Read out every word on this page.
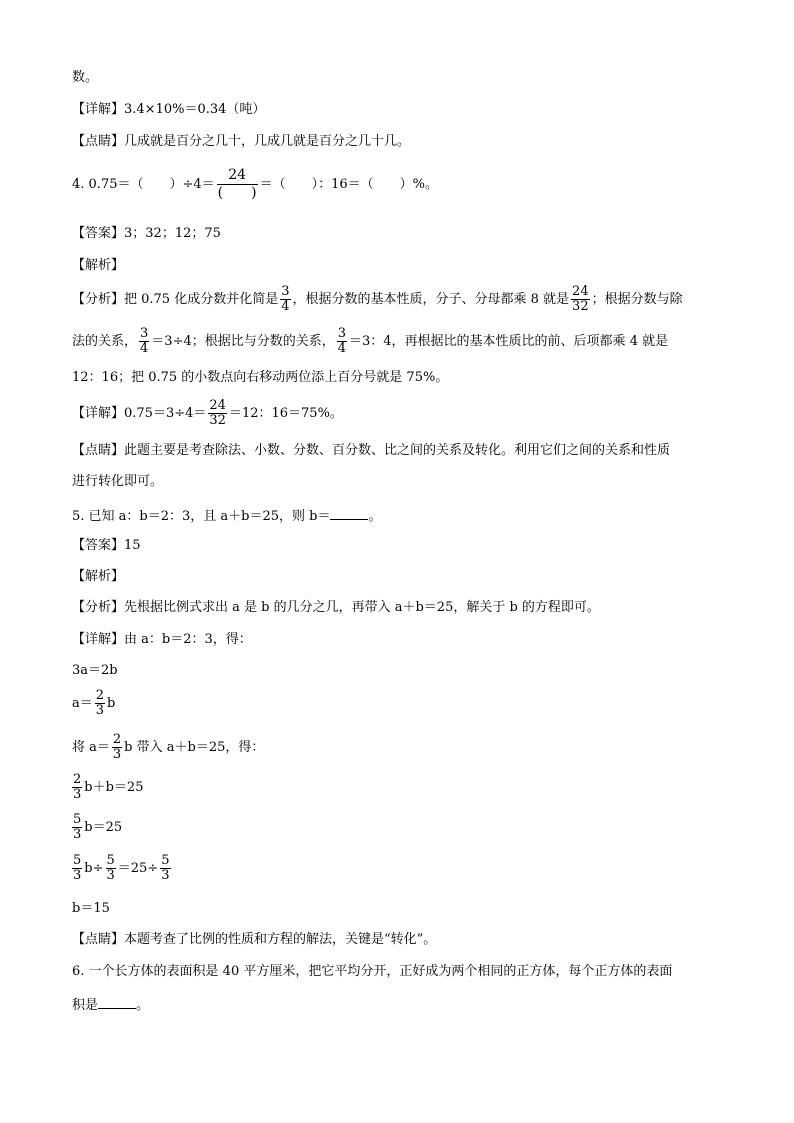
数。
【详解】3.4×10%＝0.34（吨）
【点睛】几成就是百分之几十，几成几就是百分之几十几。
4. 0.75＝（　　）$\div 4= \frac{24}{( )}$ ＝（　　）：16＝（　　）%。
【答案】3；32；12；75
【解析】
【分析】把 0.75 化成分数并化简是 $\frac{3}{4}$ ，根据分数的基本性质，分子、分母都乘 8 就是 $\frac{24}{32}$ ；根据分数与除
法的关系， $\frac{3}{4} =3\div 4$；根据比与分数的关系， $\frac{3}{4} =3$：4，再根据比的基本性质比的前、后项都乘 4 就是
12：16；把 0.75 的小数点向右移动两位添上百分号就是 75%。
【详解】$0.75=3\div 4= \frac{24}{32} =12$：16＝75%。
【点睛】此题主要是考查除法、小数、分数、百分数、比之间的关系及转化。利用它们之间的关系和性质
进行转化即可。
5. 已知 a：b＝2：3，且 a＋b＝25，则 b＝	。
【答案】15
【解析】
【分析】先根据比例式求出 a 是 b 的几分之几，再带入 a＋b＝25，解关于 b 的方程即可。
【详解】由 a：b＝2：3，得：
3a＝2b
$a= \frac{2}{3}$ b
将 $a= \frac{2}{3}$ b 带入 a＋b＝25，得：
$\frac{2}{3} b+b=25$
$\frac{5}{3} b=25$
$\frac{5}{3} b\div \frac{5}{3} =25\div \frac{5}{3}$
b＝15
【点睛】本题考查了比例的性质和方程的解法，关键是“转化”。
6. 一个长方体的表面积是 40 平方厘米，把它平均分开，正好成为两个相同的正方体，每个正方体的表面
积是	。
